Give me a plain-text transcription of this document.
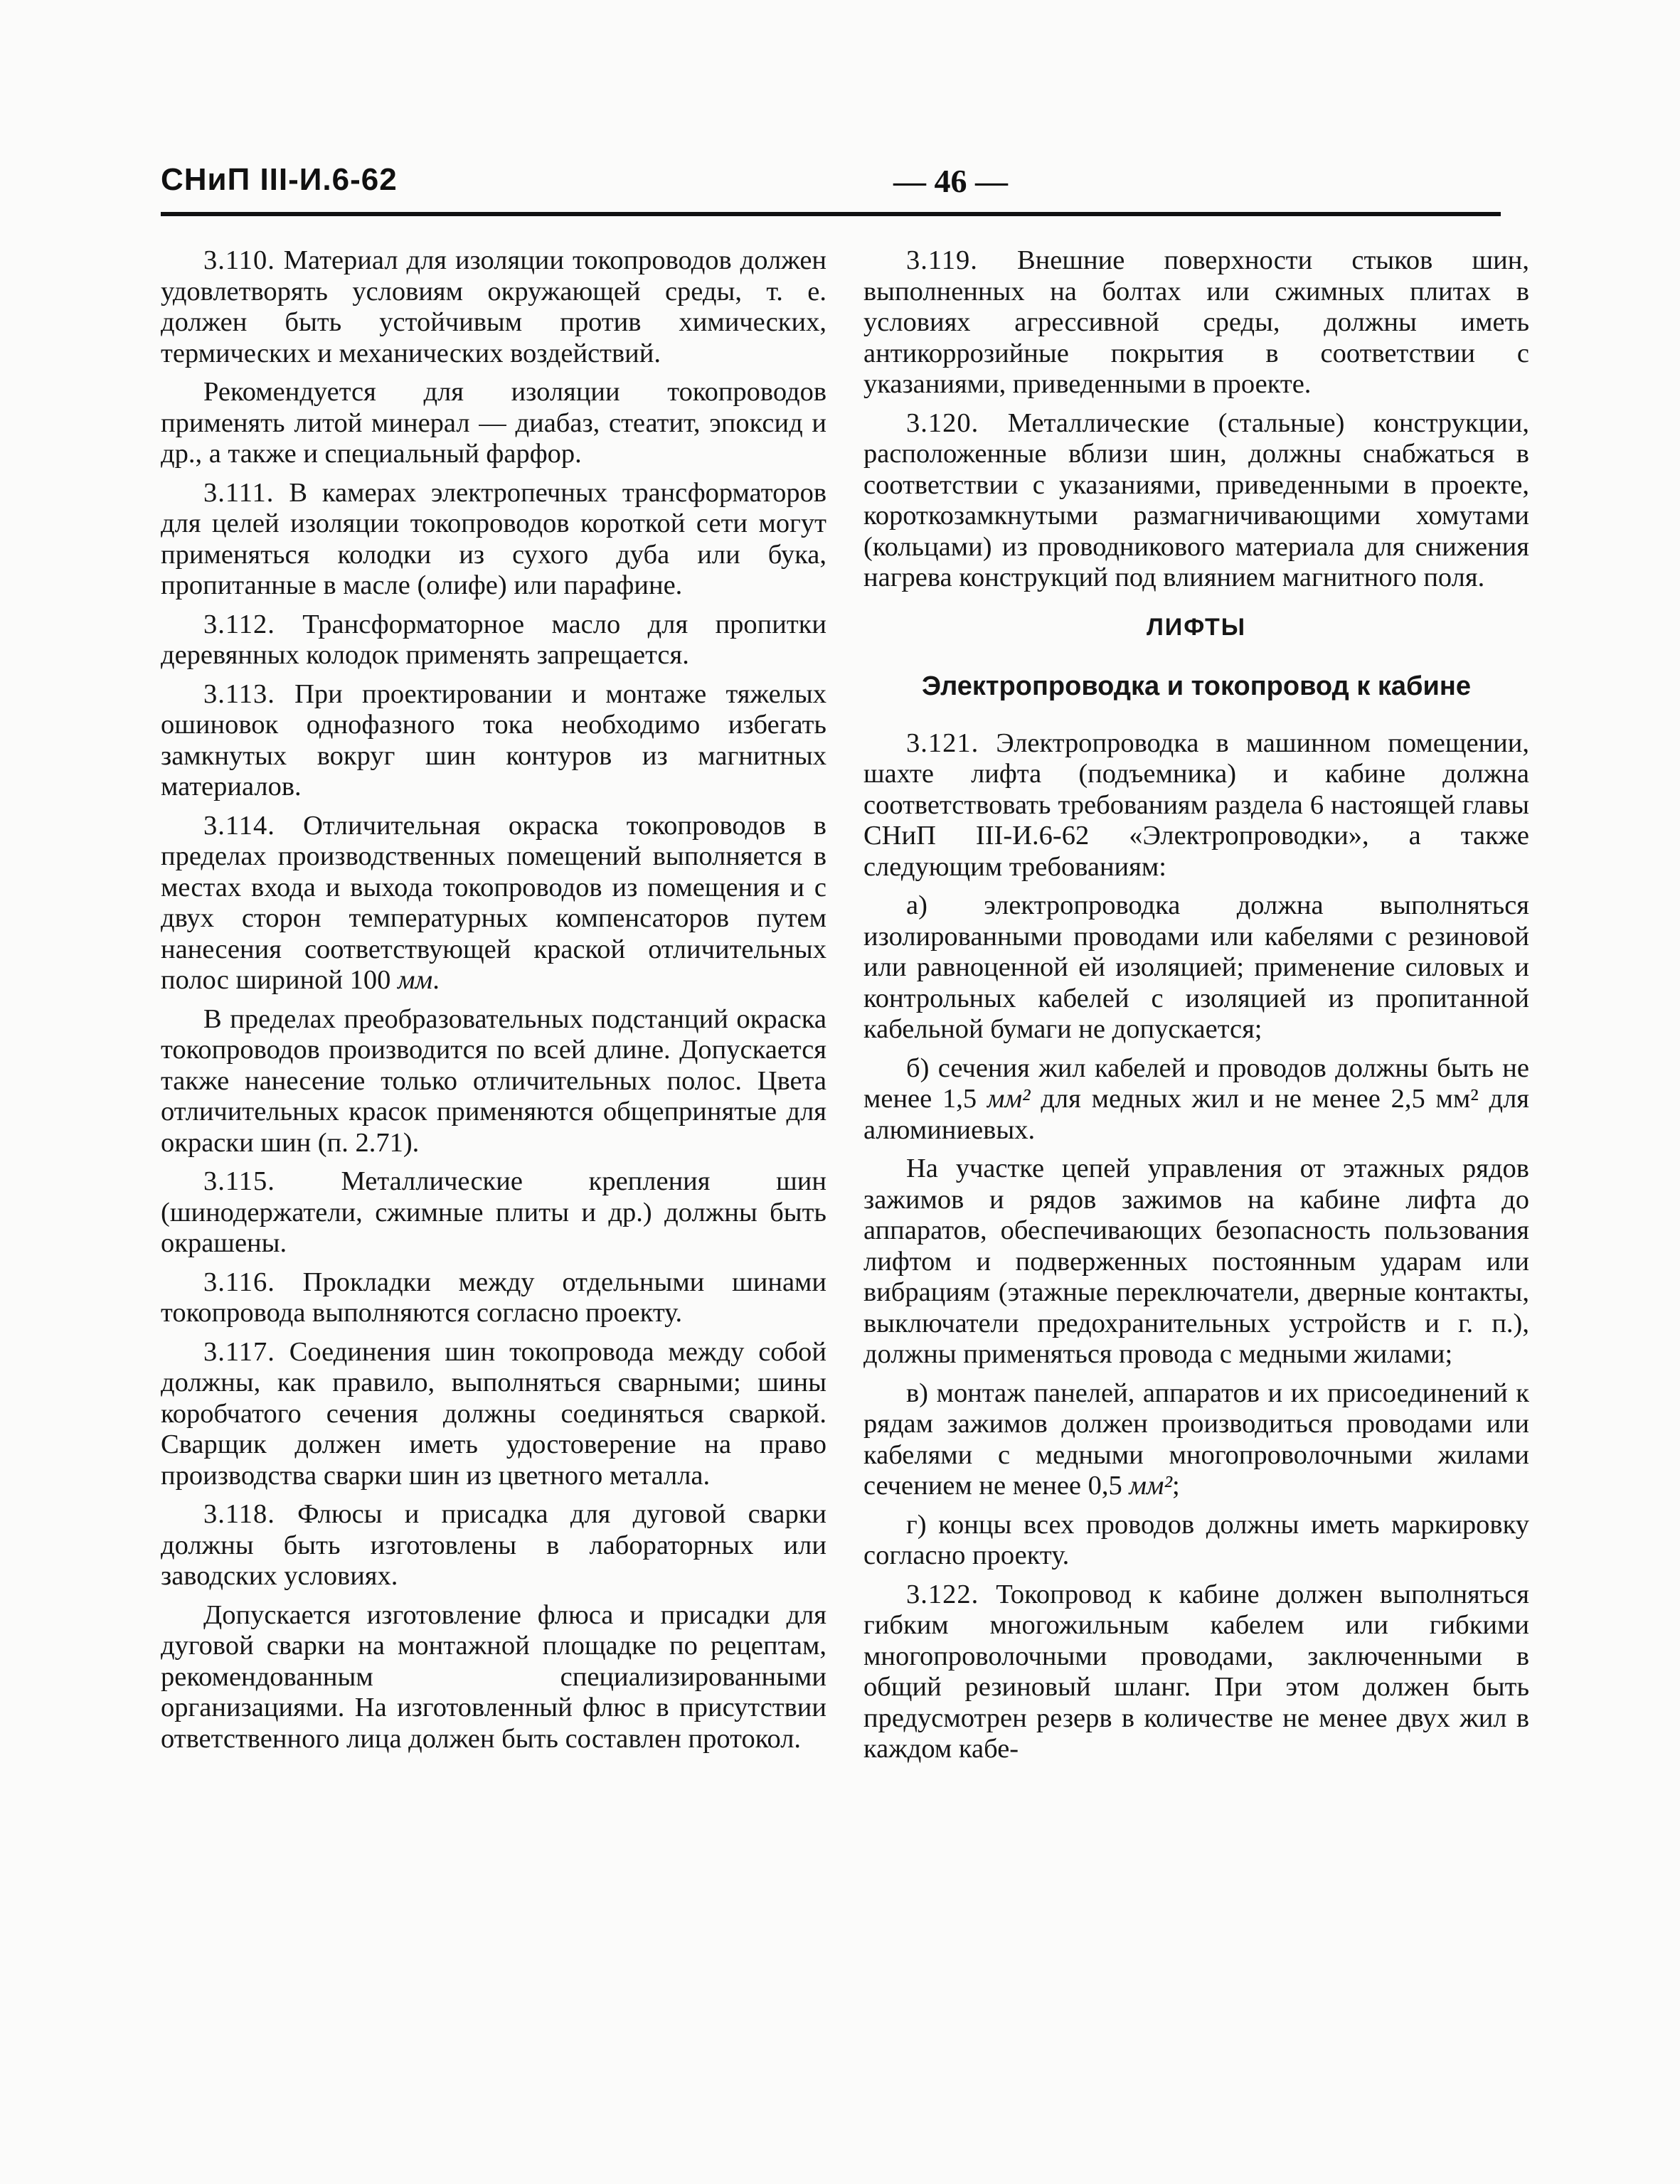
СНиП III-И.6-62	— 46 —

3.110. Материал для изоляции токопроводов должен удовлетворять условиям окружающей среды, т. е. должен быть устойчивым против химических, термических и механических воздействий.

Рекомендуется для изоляции токопроводов применять литой минерал — диабаз, стеатит, эпоксид и др., а также и специальный фарфор.

3.111. В камерах электропечных трансформаторов для целей изоляции токопроводов короткой сети могут применяться колодки из сухого дуба или бука, пропитанные в масле (олифе) или парафине.

3.112. Трансформаторное масло для пропитки деревянных колодок применять запрещается.

3.113. При проектировании и монтаже тяжелых ошиновок однофазного тока необходимо избегать замкнутых вокруг шин контуров из магнитных материалов.

3.114. Отличительная окраска токопроводов в пределах производственных помещений выполняется в местах входа и выхода токопроводов из помещения и с двух сторон температурных компенсаторов путем нанесения соответствующей краской отличительных полос шириной 100 мм.

В пределах преобразовательных подстанций окраска токопроводов производится по всей длине. Допускается также нанесение только отличительных полос. Цвета отличительных красок применяются общепринятые для окраски шин (п. 2.71).

3.115. Металлические крепления шин (шинодержатели, сжимные плиты и др.) должны быть окрашены.

3.116. Прокладки между отдельными шинами токопровода выполняются согласно проекту.

3.117. Соединения шин токопровода между собой должны, как правило, выполняться сварными; шины коробчатого сечения должны соединяться сваркой. Сварщик должен иметь удостоверение на право производства сварки шин из цветного металла.

3.118. Флюсы и присадка для дуговой сварки должны быть изготовлены в лабораторных или заводских условиях.

Допускается изготовление флюса и присадки для дуговой сварки на монтажной площадке по рецептам, рекомендованным специализированными организациями. На изготовленный флюс в присутствии ответственного лица должен быть составлен протокол.

3.119. Внешние поверхности стыков шин, выполненных на болтах или сжимных плитах в условиях агрессивной среды, должны иметь антикоррозийные покрытия в соответствии с указаниями, приведенными в проекте.

3.120. Металлические (стальные) конструкции, расположенные вблизи шин, должны снабжаться в соответствии с указаниями, приведенными в проекте, короткозамкнутыми размагничивающими хомутами (кольцами) из проводникового материала для снижения нагрева конструкций под влиянием магнитного поля.

ЛИФТЫ

Электропроводка и токопровод к кабине

3.121. Электропроводка в машинном помещении, шахте лифта (подъемника) и кабине должна соответствовать требованиям раздела 6 настоящей главы СНиП III-И.6-62 «Электропроводки», а также следующим требованиям:

а) электропроводка должна выполняться изолированными проводами или кабелями с резиновой или равноценной ей изоляцией; применение силовых и контрольных кабелей с изоляцией из пропитанной кабельной бумаги не допускается;

б) сечения жил кабелей и проводов должны быть не менее 1,5 мм² для медных жил и не менее 2,5 мм² для алюминиевых.

На участке цепей управления от этажных рядов зажимов и рядов зажимов на кабине лифта до аппаратов, обеспечивающих безопасность пользования лифтом и подверженных постоянным ударам или вибрациям (этажные переключатели, дверные контакты, выключатели предохранительных устройств и г. п.), должны применяться провода с медными жилами;

в) монтаж панелей, аппаратов и их присоединений к рядам зажимов должен производиться проводами или кабелями с медными многопроволочными жилами сечением не менее 0,5 мм²;

г) концы всех проводов должны иметь маркировку согласно проекту.

3.122. Токопровод к кабине должен выполняться гибким многожильным кабелем или гибкими многопроволочными проводами, заключенными в общий резиновый шланг. При этом должен быть предусмотрен резерв в количестве не менее двух жил в каждом кабе-
